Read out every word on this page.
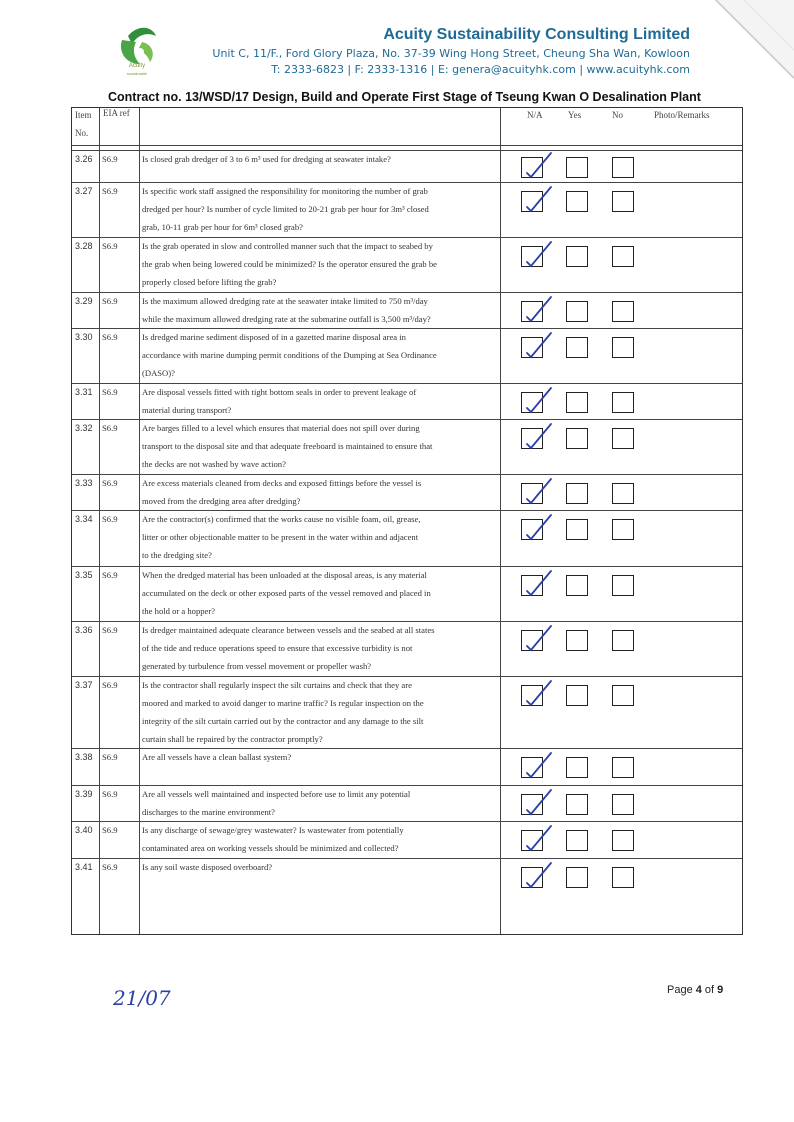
Acuity
sustainable
Acuity Sustainability Consulting Limited
Unit C, 11/F., Ford Glory Plaza, No. 37-39 Wing Hong Street, Cheung Sha Wan, Kowloon
T: 2333-6823 | F: 2333-1316 | E: genera@acuityhk.com | www.acuityhk.com
Contract no. 13/WSD/17 Design, Build and Operate First Stage of Tseung Kwan O Desalination Plant
Item
No.
EIA ref	N/A	Yes	No	Photo/Remarks
3.26 S6.9	Is closed grab dredger of 3 to 6 m³ used for dredging at seawater intake?
3.27 S6.9	Is specific work staff assigned the responsibility for monitoring the number of grab
dredged per hour? Is number of cycle limited to 20-21 grab per hour for 3m³ closed
grab, 10-11 grab per hour for 6m³ closed grab?
3.28 S6.9	Is the grab operated in slow and controlled manner such that the impact to seabed by
the grab when being lowered could be minimized? Is the operator ensured the grab be
properly closed before lifting the grab?
3.29 S6.9	Is the maximum allowed dredging rate at the seawater intake limited to 750 m³/day
while the maximum allowed dredging rate at the submarine outfall is 3,500 m³/day?
3.30 S6.9	Is dredged marine sediment disposed of in a gazetted marine disposal area in
accordance with marine dumping permit conditions of the Dumping at Sea Ordinance
(DASO)?
3.31 S6.9	Are disposal vessels fitted with tight bottom seals in order to prevent leakage of
material during transport?
3.32 S6.9	Are barges filled to a level which ensures that material does not spill over during
transport to the disposal site and that adequate freeboard is maintained to ensure that
the decks are not washed by wave action?
3.33 S6.9	Are excess materials cleaned from decks and exposed fittings before the vessel is
moved from the dredging area after dredging?
3.34 S6.9	Are the contractor(s) confirmed that the works cause no visible foam, oil, grease,
litter or other objectionable matter to be present in the water within and adjacent
to the dredging site?
3.35 S6.9	When the dredged material has been unloaded at the disposal areas, is any material
accumulated on the deck or other exposed parts of the vessel removed and placed in
the hold or a hopper?
3.36 S6.9	Is dredger maintained adequate clearance between vessels and the seabed at all states
of the tide and reduce operations speed to ensure that excessive turbidity is not
generated by turbulence from vessel movement or propeller wash?
3.37 S6.9	Is the contractor shall regularly inspect the silt curtains and check that they are
moored and marked to avoid danger to marine traffic? Is regular inspection on the
integrity of the silt curtain carried out by the contractor and any damage to the silt
curtain shall be repaired by the contractor promptly?
3.38 S6.9	Are all vessels have a clean ballast system?
3.39 S6.9	Are all vessels well maintained and inspected before use to limit any potential
discharges to the marine environment?
3.40 S6.9	Is any discharge of sewage/grey wastewater? Is wastewater from potentially
contaminated area on working vessels should be minimized and collected?
3.41 S6.9	Is any soil waste disposed overboard?
21/07	Page 4 of 9
